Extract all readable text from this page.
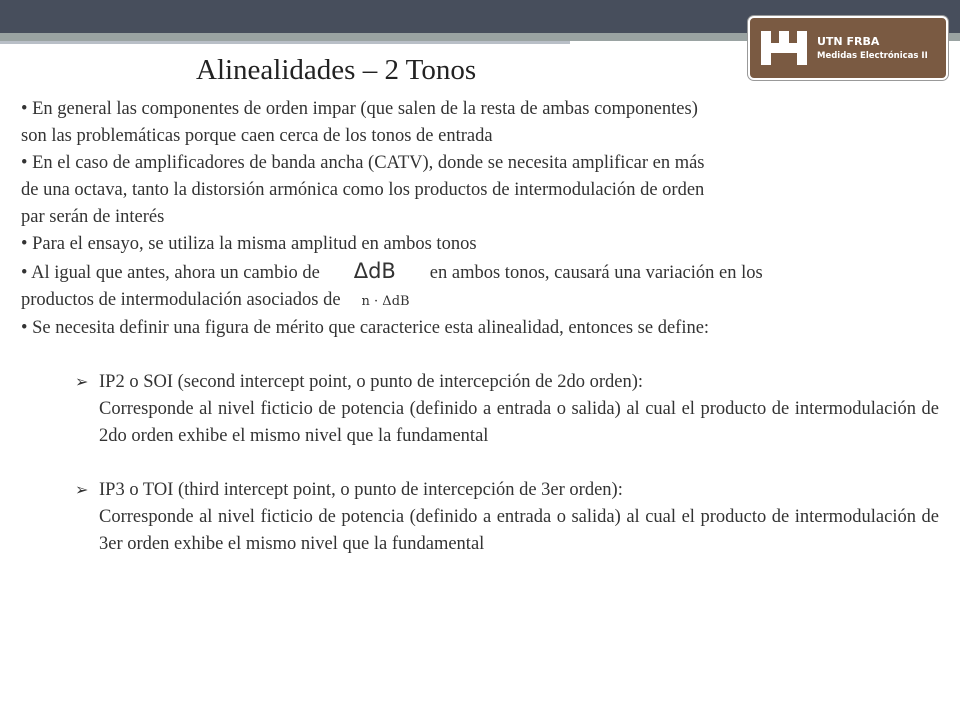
UTN FRBA
Medidas Electrónicas II
Alinealidades – 2 Tonos

• En general las componentes de orden impar (que salen de la resta de ambas componentes)

son las problemáticas porque caen cerca de los tonos de entrada

• En el caso de amplificadores de banda ancha (CATV), donde se necesita amplificar en más

de una octava, tanto la distorsión armónica como los productos de intermodulación de orden

par serán de interés

• Para el ensayo, se utiliza la misma amplitud en ambos tonos

• Al igual que antes, ahora un cambio de ΔdB en ambos tonos, causará una variación en los

productos de intermodulación asociados de n · ΔdB

• Se necesita definir una figura de mérito que caracterice esta alinealidad, entonces se define:

➢ IP2 o SOI (second intercept point, o punto de intercepción de 2do orden):
Corresponde al nivel ficticio de potencia (definido a entrada o salida) al cual el producto de intermodulación de 2do orden exhibe el mismo nivel que la fundamental
➢ IP3 o TOI (third intercept point, o punto de intercepción de 3er orden):
Corresponde al nivel ficticio de potencia (definido a entrada o salida) al cual el producto de intermodulación de 3er orden exhibe el mismo nivel que la fundamental
